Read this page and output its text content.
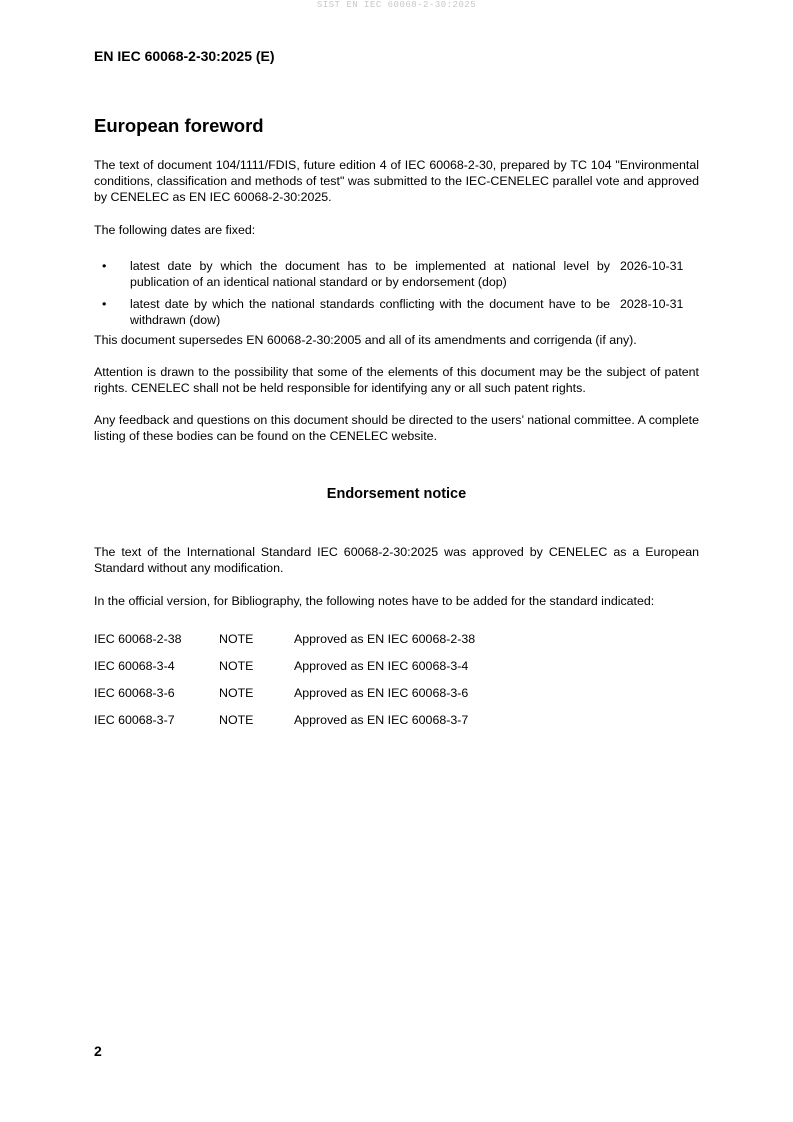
SIST EN IEC 60068-2-30:2025
EN IEC 60068-2-30:2025 (E)
European foreword
The text of document 104/1111/FDIS, future edition 4 of IEC 60068-2-30, prepared by TC 104 "Environmental conditions, classification and methods of test" was submitted to the IEC-CENELEC parallel vote and approved by CENELEC as EN IEC 60068-2-30:2025.
The following dates are fixed:
• latest date by which the document has to be implemented at national level by publication of an identical national standard or by endorsement (dop)
2026-10-31
• latest date by which the national standards conflicting with the document have to be withdrawn (dow)
2028-10-31
This document supersedes EN 60068-2-30:2005 and all of its amendments and corrigenda (if any).
Attention is drawn to the possibility that some of the elements of this document may be the subject of patent rights. CENELEC shall not be held responsible for identifying any or all such patent rights.
Any feedback and questions on this document should be directed to the users’ national committee. A complete listing of these bodies can be found on the CENELEC website.
Endorsement notice
The text of the International Standard IEC 60068-2-30:2025 was approved by CENELEC as a European Standard without any modification.
In the official version, for Bibliography, the following notes have to be added for the standard indicated:
IEC 60068-2-38	NOTE	Approved as EN IEC 60068-2-38
IEC 60068-3-4	NOTE	Approved as EN IEC 60068-3-4
IEC 60068-3-6	NOTE	Approved as EN IEC 60068-3-6
IEC 60068-3-7	NOTE	Approved as EN IEC 60068-3-7
2
